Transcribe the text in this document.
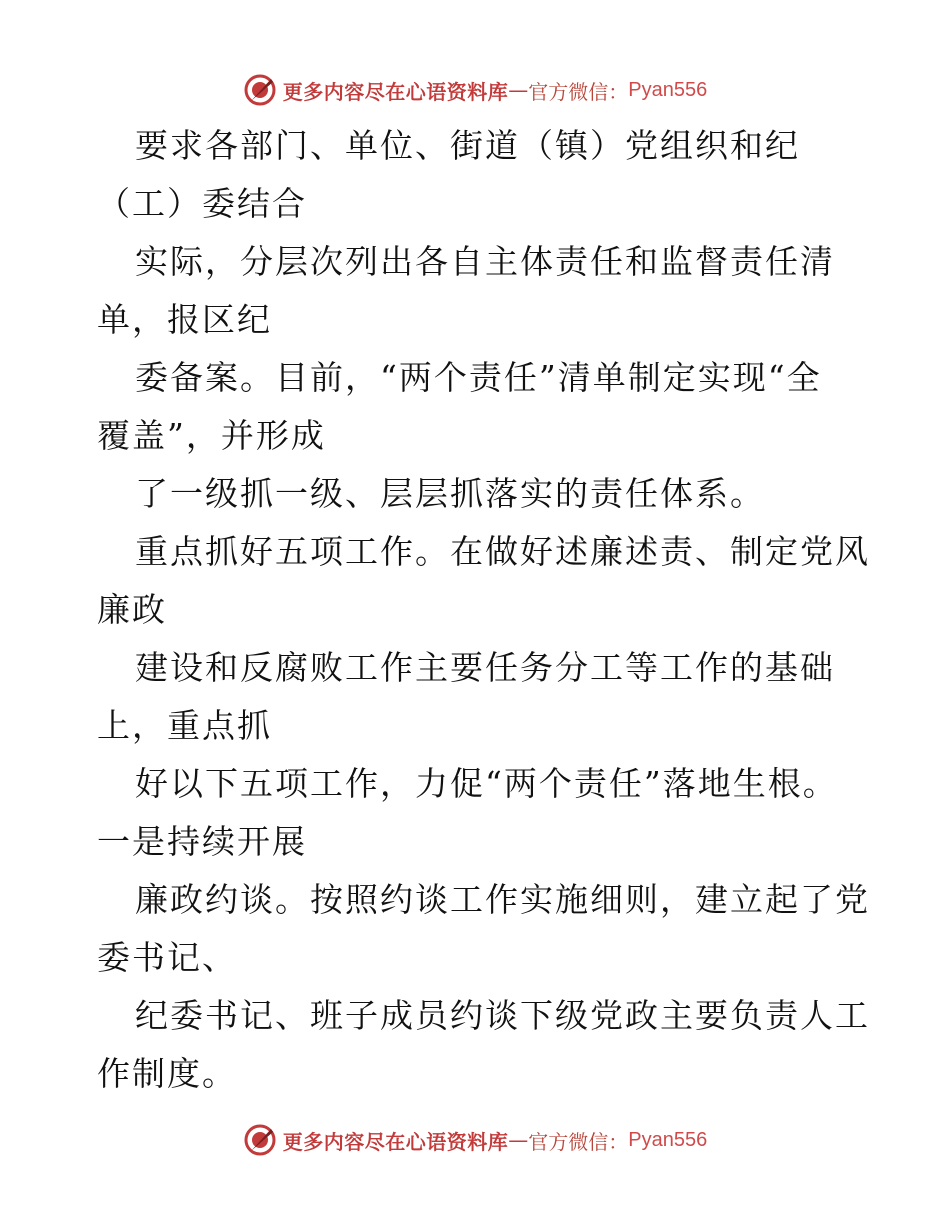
更多内容尽在心语资料库 — 官方微信： Pyan556
要求各部门、单位、街道（镇）党组织和纪
（工）委结合
实际，分层次列出各自主体责任和监督责任清
单，报区纪
委备案。目前，“两个责任”清单制定实现“全
覆盖”，并形成
了一级抓一级、层层抓落实的责任体系。
重点抓好五项工作。在做好述廉述责、制定党风
廉政
建设和反腐败工作主要任务分工等工作的基础
上，重点抓
好以下五项工作，力促“两个责任”落地生根。
一是持续开展
廉政约谈。按照约谈工作实施细则，建立起了党
委书记、
纪委书记、班子成员约谈下级党政主要负责人工
作制度。
更多内容尽在心语资料库 — 官方微信： Pyan556
